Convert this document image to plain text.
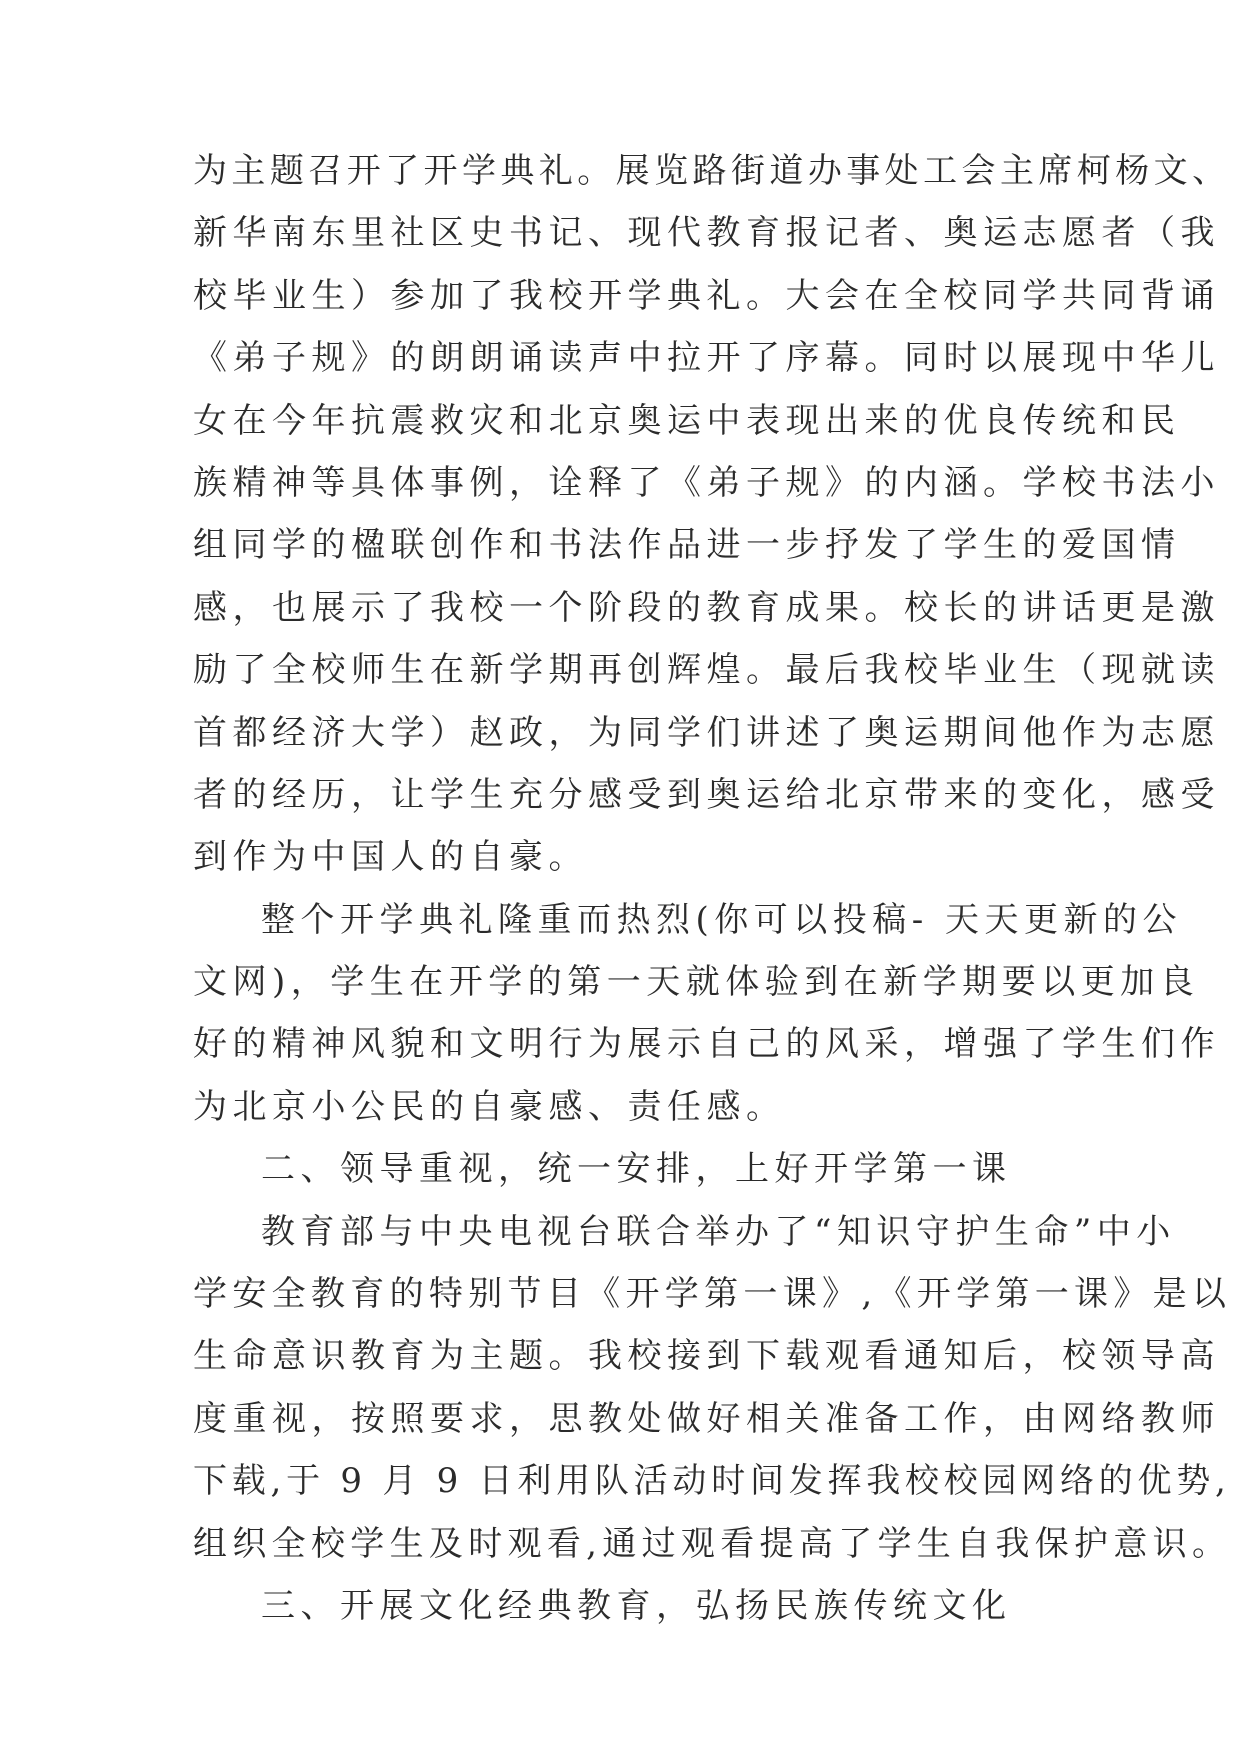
为主题召开了开学典礼。展览路街道办事处工会主席柯杨文、
新华南东里社区史书记、现代教育报记者、奥运志愿者（我
校毕业生）参加了我校开学典礼。大会在全校同学共同背诵
《弟子规》的朗朗诵读声中拉开了序幕。同时以展现中华儿
女在今年抗震救灾和北京奥运中表现出来的优良传统和民
族精神等具体事例，诠释了《弟子规》的内涵。学校书法小
组同学的楹联创作和书法作品进一步抒发了学生的爱国情
感，也展示了我校一个阶段的教育成果。校长的讲话更是激
励了全校师生在新学期再创辉煌。最后我校毕业生（现就读
首都经济大学）赵政，为同学们讲述了奥运期间他作为志愿
者的经历，让学生充分感受到奥运给北京带来的变化，感受
到作为中国人的自豪。
整个开学典礼隆重而热烈(你可以投稿- 天天更新的公
文网)，学生在开学的第一天就体验到在新学期要以更加良
好的精神风貌和文明行为展示自己的风采，增强了学生们作
为北京小公民的自豪感、责任感。
二、领导重视，统一安排，上好开学第一课
教育部与中央电视台联合举办了“知识守护生命”中小
学安全教育的特别节目《开学第一课》,《开学第一课》是以
生命意识教育为主题。我校接到下载观看通知后，校领导高
度重视，按照要求，思教处做好相关准备工作，由网络教师
下载,于 9 月 9 日利用队活动时间发挥我校校园网络的优势,
组织全校学生及时观看,通过观看提高了学生自我保护意识。
三、开展文化经典教育，弘扬民族传统文化
